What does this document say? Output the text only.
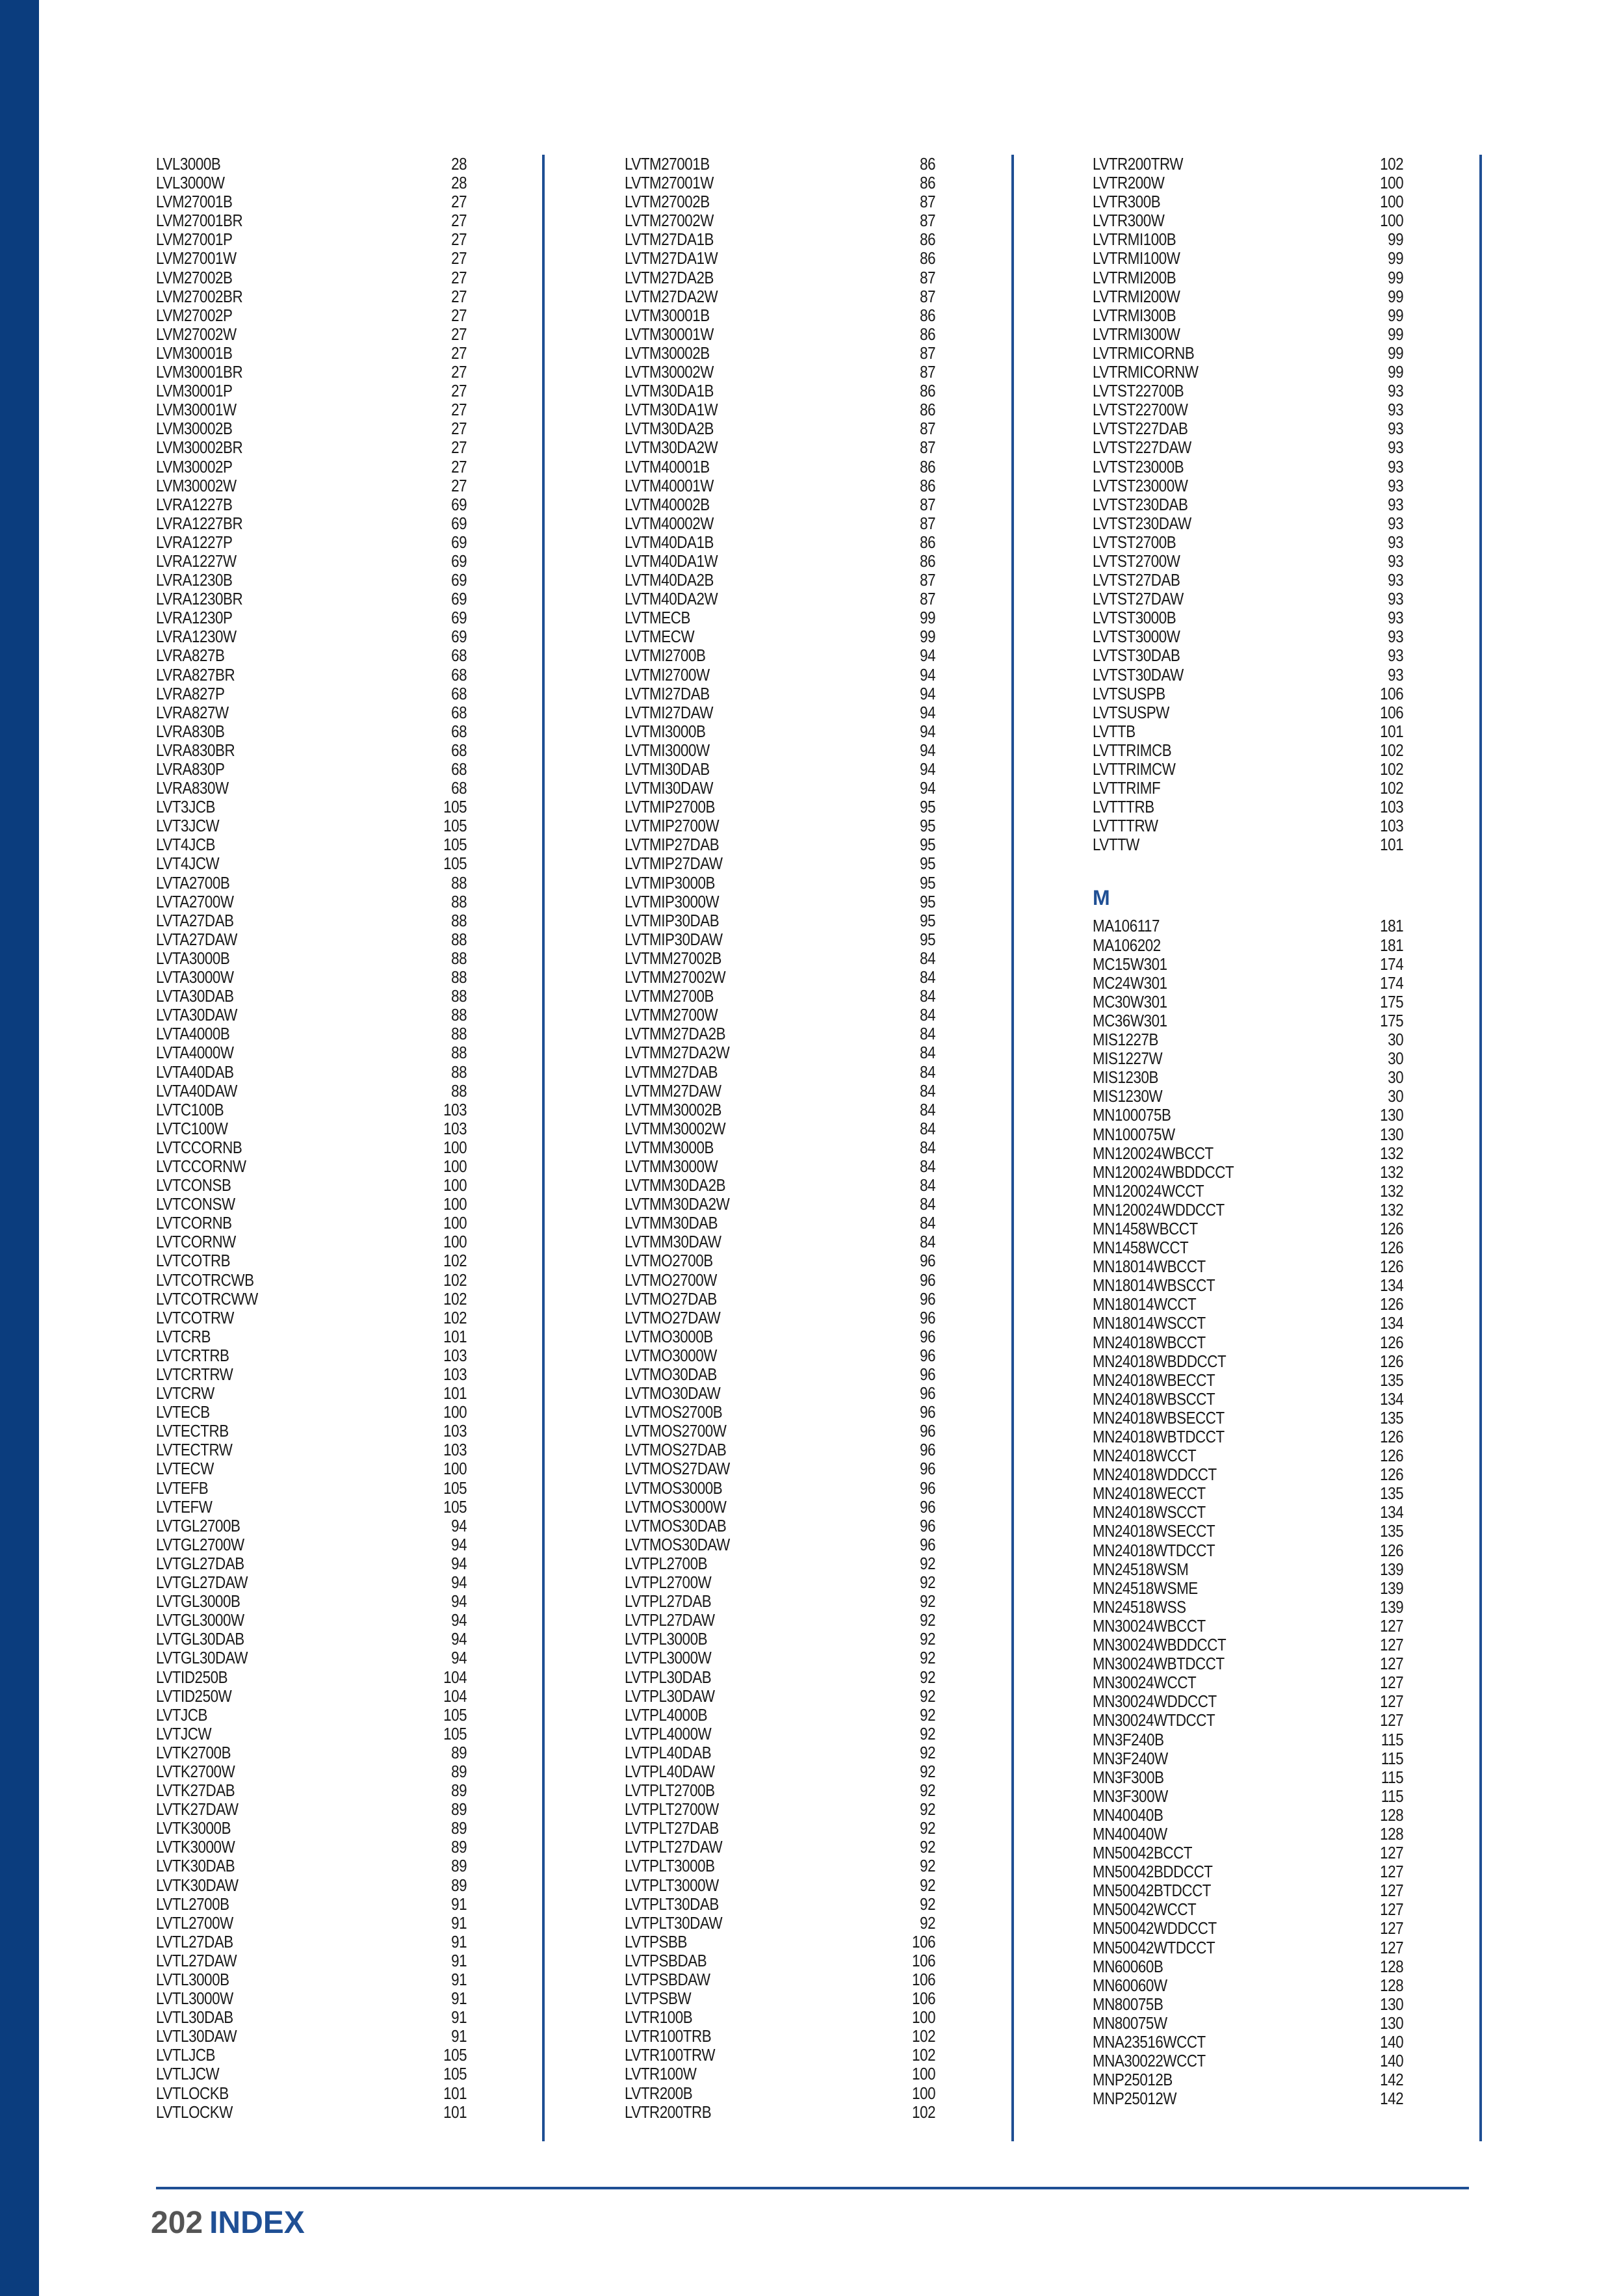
LVL3000B	28
LVL3000W	28
LVM27001B	27
LVM27001BR	27
LVM27001P	27
LVM27001W	27
LVM27002B	27
LVM27002BR	27
LVM27002P	27
LVM27002W	27
LVM30001B	27
LVM30001BR	27
LVM30001P	27
LVM30001W	27
LVM30002B	27
LVM30002BR	27
LVM30002P	27
LVM30002W	27
LVRA1227B	69
LVRA1227BR	69
LVRA1227P	69
LVRA1227W	69
LVRA1230B	69
LVRA1230BR	69
LVRA1230P	69
LVRA1230W	69
LVRA827B	68
LVRA827BR	68
LVRA827P	68
LVRA827W	68
LVRA830B	68
LVRA830BR	68
LVRA830P	68
LVRA830W	68
LVT3JCB	105
LVT3JCW	105
LVT4JCB	105
LVT4JCW	105
LVTA2700B	88
LVTA2700W	88
LVTA27DAB	88
LVTA27DAW	88
LVTA3000B	88
LVTA3000W	88
LVTA30DAB	88
LVTA30DAW	88
LVTA4000B	88
LVTA4000W	88
LVTA40DAB	88
LVTA40DAW	88
LVTC100B	103
LVTC100W	103
LVTCCORNB	100
LVTCCORNW	100
LVTCONSB	100
LVTCONSW	100
LVTCORNB	100
LVTCORNW	100
LVTCOTRB	102
LVTCOTRCWB	102
LVTCOTRCWW	102
LVTCOTRW	102
LVTCRB	101
LVTCRTRB	103
LVTCRTRW	103
LVTCRW	101
LVTECB	100
LVTECTRB	103
LVTECTRW	103
LVTECW	100
LVTEFB	105
LVTEFW	105
LVTGL2700B	94
LVTGL2700W	94
LVTGL27DAB	94
LVTGL27DAW	94
LVTGL3000B	94
LVTGL3000W	94
LVTGL30DAB	94
LVTGL30DAW	94
LVTID250B	104
LVTID250W	104
LVTJCB	105
LVTJCW	105
LVTK2700B	89
LVTK2700W	89
LVTK27DAB	89
LVTK27DAW	89
LVTK3000B	89
LVTK3000W	89
LVTK30DAB	89
LVTK30DAW	89
LVTL2700B	91
LVTL2700W	91
LVTL27DAB	91
LVTL27DAW	91
LVTL3000B	91
LVTL3000W	91
LVTL30DAB	91
LVTL30DAW	91
LVTLJCB	105
LVTLJCW	105
LVTLOCKB	101
LVTLOCKW	101
LVTM27001B	86
LVTM27001W	86
LVTM27002B	87
LVTM27002W	87
LVTM27DA1B	86
LVTM27DA1W	86
LVTM27DA2B	87
LVTM27DA2W	87
LVTM30001B	86
LVTM30001W	86
LVTM30002B	87
LVTM30002W	87
LVTM30DA1B	86
LVTM30DA1W	86
LVTM30DA2B	87
LVTM30DA2W	87
LVTM40001B	86
LVTM40001W	86
LVTM40002B	87
LVTM40002W	87
LVTM40DA1B	86
LVTM40DA1W	86
LVTM40DA2B	87
LVTM40DA2W	87
LVTMECB	99
LVTMECW	99
LVTMI2700B	94
LVTMI2700W	94
LVTMI27DAB	94
LVTMI27DAW	94
LVTMI3000B	94
LVTMI3000W	94
LVTMI30DAB	94
LVTMI30DAW	94
LVTMIP2700B	95
LVTMIP2700W	95
LVTMIP27DAB	95
LVTMIP27DAW	95
LVTMIP3000B	95
LVTMIP3000W	95
LVTMIP30DAB	95
LVTMIP30DAW	95
LVTMM27002B	84
LVTMM27002W	84
LVTMM2700B	84
LVTMM2700W	84
LVTMM27DA2B	84
LVTMM27DA2W	84
LVTMM27DAB	84
LVTMM27DAW	84
LVTMM30002B	84
LVTMM30002W	84
LVTMM3000B	84
LVTMM3000W	84
LVTMM30DA2B	84
LVTMM30DA2W	84
LVTMM30DAB	84
LVTMM30DAW	84
LVTMO2700B	96
LVTMO2700W	96
LVTMO27DAB	96
LVTMO27DAW	96
LVTMO3000B	96
LVTMO3000W	96
LVTMO30DAB	96
LVTMO30DAW	96
LVTMOS2700B	96
LVTMOS2700W	96
LVTMOS27DAB	96
LVTMOS27DAW	96
LVTMOS3000B	96
LVTMOS3000W	96
LVTMOS30DAB	96
LVTMOS30DAW	96
LVTPL2700B	92
LVTPL2700W	92
LVTPL27DAB	92
LVTPL27DAW	92
LVTPL3000B	92
LVTPL3000W	92
LVTPL30DAB	92
LVTPL30DAW	92
LVTPL4000B	92
LVTPL4000W	92
LVTPL40DAB	92
LVTPL40DAW	92
LVTPLT2700B	92
LVTPLT2700W	92
LVTPLT27DAB	92
LVTPLT27DAW	92
LVTPLT3000B	92
LVTPLT3000W	92
LVTPLT30DAB	92
LVTPLT30DAW	92
LVTPSBB	106
LVTPSBDAB	106
LVTPSBDAW	106
LVTPSBW	106
LVTR100B	100
LVTR100TRB	102
LVTR100TRW	102
LVTR100W	100
LVTR200B	100
LVTR200TRB	102
LVTR200TRW	102
LVTR200W	100
LVTR300B	100
LVTR300W	100
LVTRMI100B	99
LVTRMI100W	99
LVTRMI200B	99
LVTRMI200W	99
LVTRMI300B	99
LVTRMI300W	99
LVTRMICORNB	99
LVTRMICORNW	99
LVTST22700B	93
LVTST22700W	93
LVTST227DAB	93
LVTST227DAW	93
LVTST23000B	93
LVTST23000W	93
LVTST230DAB	93
LVTST230DAW	93
LVTST2700B	93
LVTST2700W	93
LVTST27DAB	93
LVTST27DAW	93
LVTST3000B	93
LVTST3000W	93
LVTST30DAB	93
LVTST30DAW	93
LVTSUSPB	106
LVTSUSPW	106
LVTTB	101
LVTTRIMCB	102
LVTTRIMCW	102
LVTTRIMF	102
LVTTTRB	103
LVTTTRW	103
LVTTW	101
M
MA106117	181
MA106202	181
MC15W301	174
MC24W301	174
MC30W301	175
MC36W301	175
MIS1227B	30
MIS1227W	30
MIS1230B	30
MIS1230W	30
MN100075B	130
MN100075W	130
MN120024WBCCT	132
MN120024WBDDCCT	132
MN120024WCCT	132
MN120024WDDCCT	132
MN1458WBCCT	126
MN1458WCCT	126
MN18014WBCCT	126
MN18014WBSCCT	134
MN18014WCCT	126
MN18014WSCCT	134
MN24018WBCCT	126
MN24018WBDDCCT	126
MN24018WBECCT	135
MN24018WBSCCT	134
MN24018WBSECCT	135
MN24018WBTDCCT	126
MN24018WCCT	126
MN24018WDDCCT	126
MN24018WECCT	135
MN24018WSCCT	134
MN24018WSECCT	135
MN24018WTDCCT	126
MN24518WSM	139
MN24518WSME	139
MN24518WSS	139
MN30024WBCCT	127
MN30024WBDDCCT	127
MN30024WBTDCCT	127
MN30024WCCT	127
MN30024WDDCCT	127
MN30024WTDCCT	127
MN3F240B	115
MN3F240W	115
MN3F300B	115
MN3F300W	115
MN40040B	128
MN40040W	128
MN50042BCCT	127
MN50042BDDCCT	127
MN50042BTDCCT	127
MN50042WCCT	127
MN50042WDDCCT	127
MN50042WTDCCT	127
MN60060B	128
MN60060W	128
MN80075B	130
MN80075W	130
MNA23516WCCT	140
MNA30022WCCT	140
MNP25012B	142
MNP25012W	142
202 INDEX
